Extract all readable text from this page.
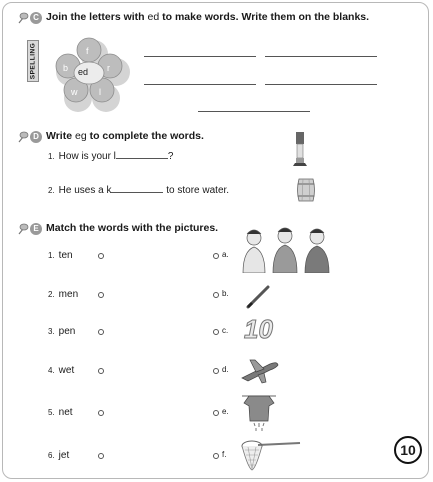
C Join the letters with ed to make words. Write them on the blanks.
SPELLING	ed
f
r
l
w
b
D Write eg to complete the words.
1. How is your l	?
2. He uses a k	to store water.
E Match the words with the pictures.
1. ten
2. men
3. pen
4. wet
5. net
6. jet
a.
b.
c.
d.
e.
f.
10
10
